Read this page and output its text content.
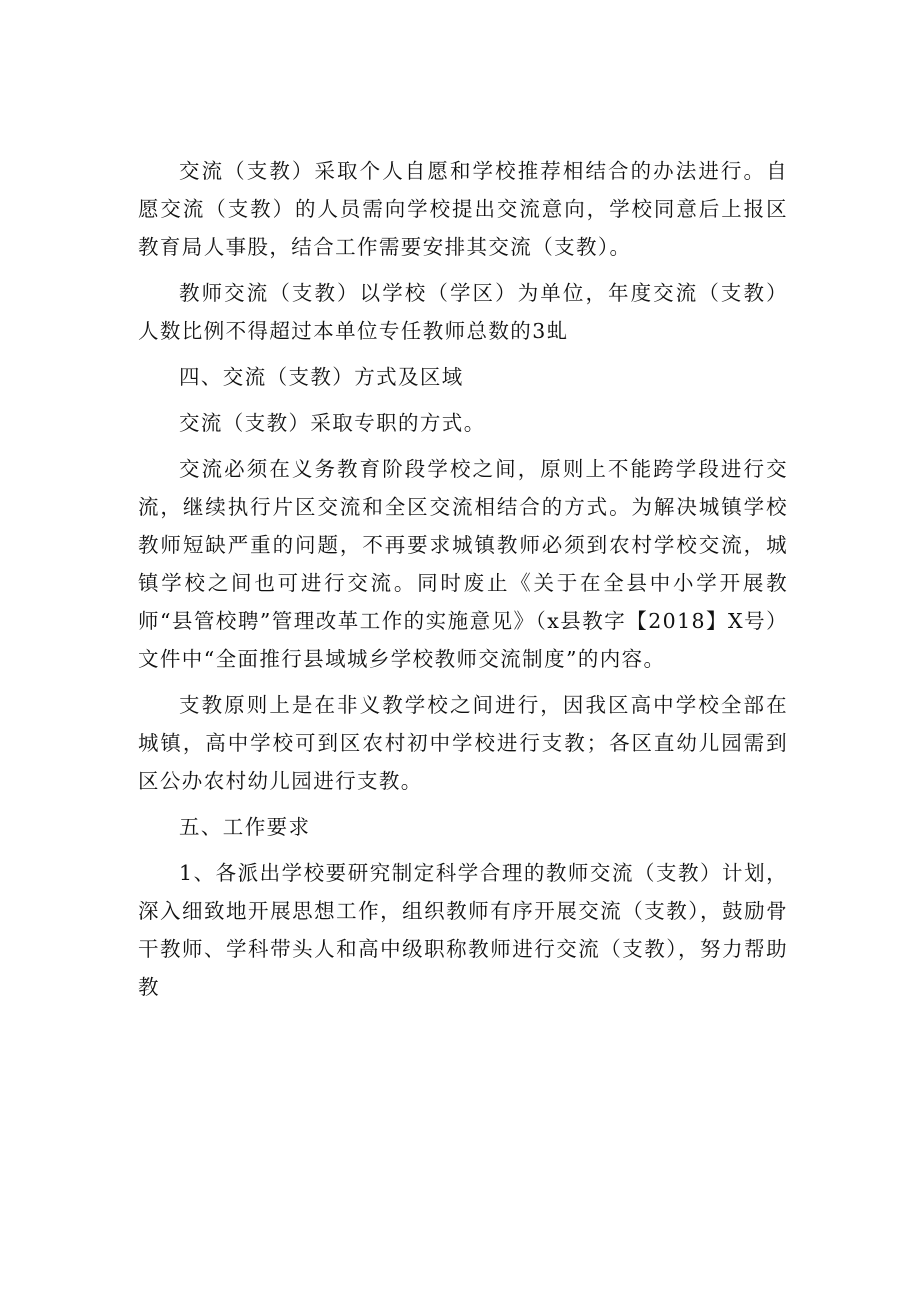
交流（支教）采取个人自愿和学校推荐相结合的办法进行。自愿交流（支教）的人员需向学校提出交流意向，学校同意后上报区教育局人事股，结合工作需要安排其交流（支教）。

教师交流（支教）以学校（学区）为单位，年度交流（支教）人数比例不得超过本单位专任教师总数的3虬

四、交流（支教）方式及区域

交流（支教）采取专职的方式。

交流必须在义务教育阶段学校之间，原则上不能跨学段进行交流，继续执行片区交流和全区交流相结合的方式。为解决城镇学校教师短缺严重的问题，不再要求城镇教师必须到农村学校交流，城镇学校之间也可进行交流。同时废止《关于在全县中小学开展教师“县管校聘”管理改革工作的实施意见》（x县教字【2018】X号）文件中“全面推行县域城乡学校教师交流制度”的内容。

支教原则上是在非义教学校之间进行，因我区高中学校全部在城镇，高中学校可到区农村初中学校进行支教；各区直幼儿园需到区公办农村幼儿园进行支教。

五、工作要求

1、各派出学校要研究制定科学合理的教师交流（支教）计划，深入细致地开展思想工作，组织教师有序开展交流（支教），鼓励骨干教师、学科带头人和高中级职称教师进行交流（支教），努力帮助教
